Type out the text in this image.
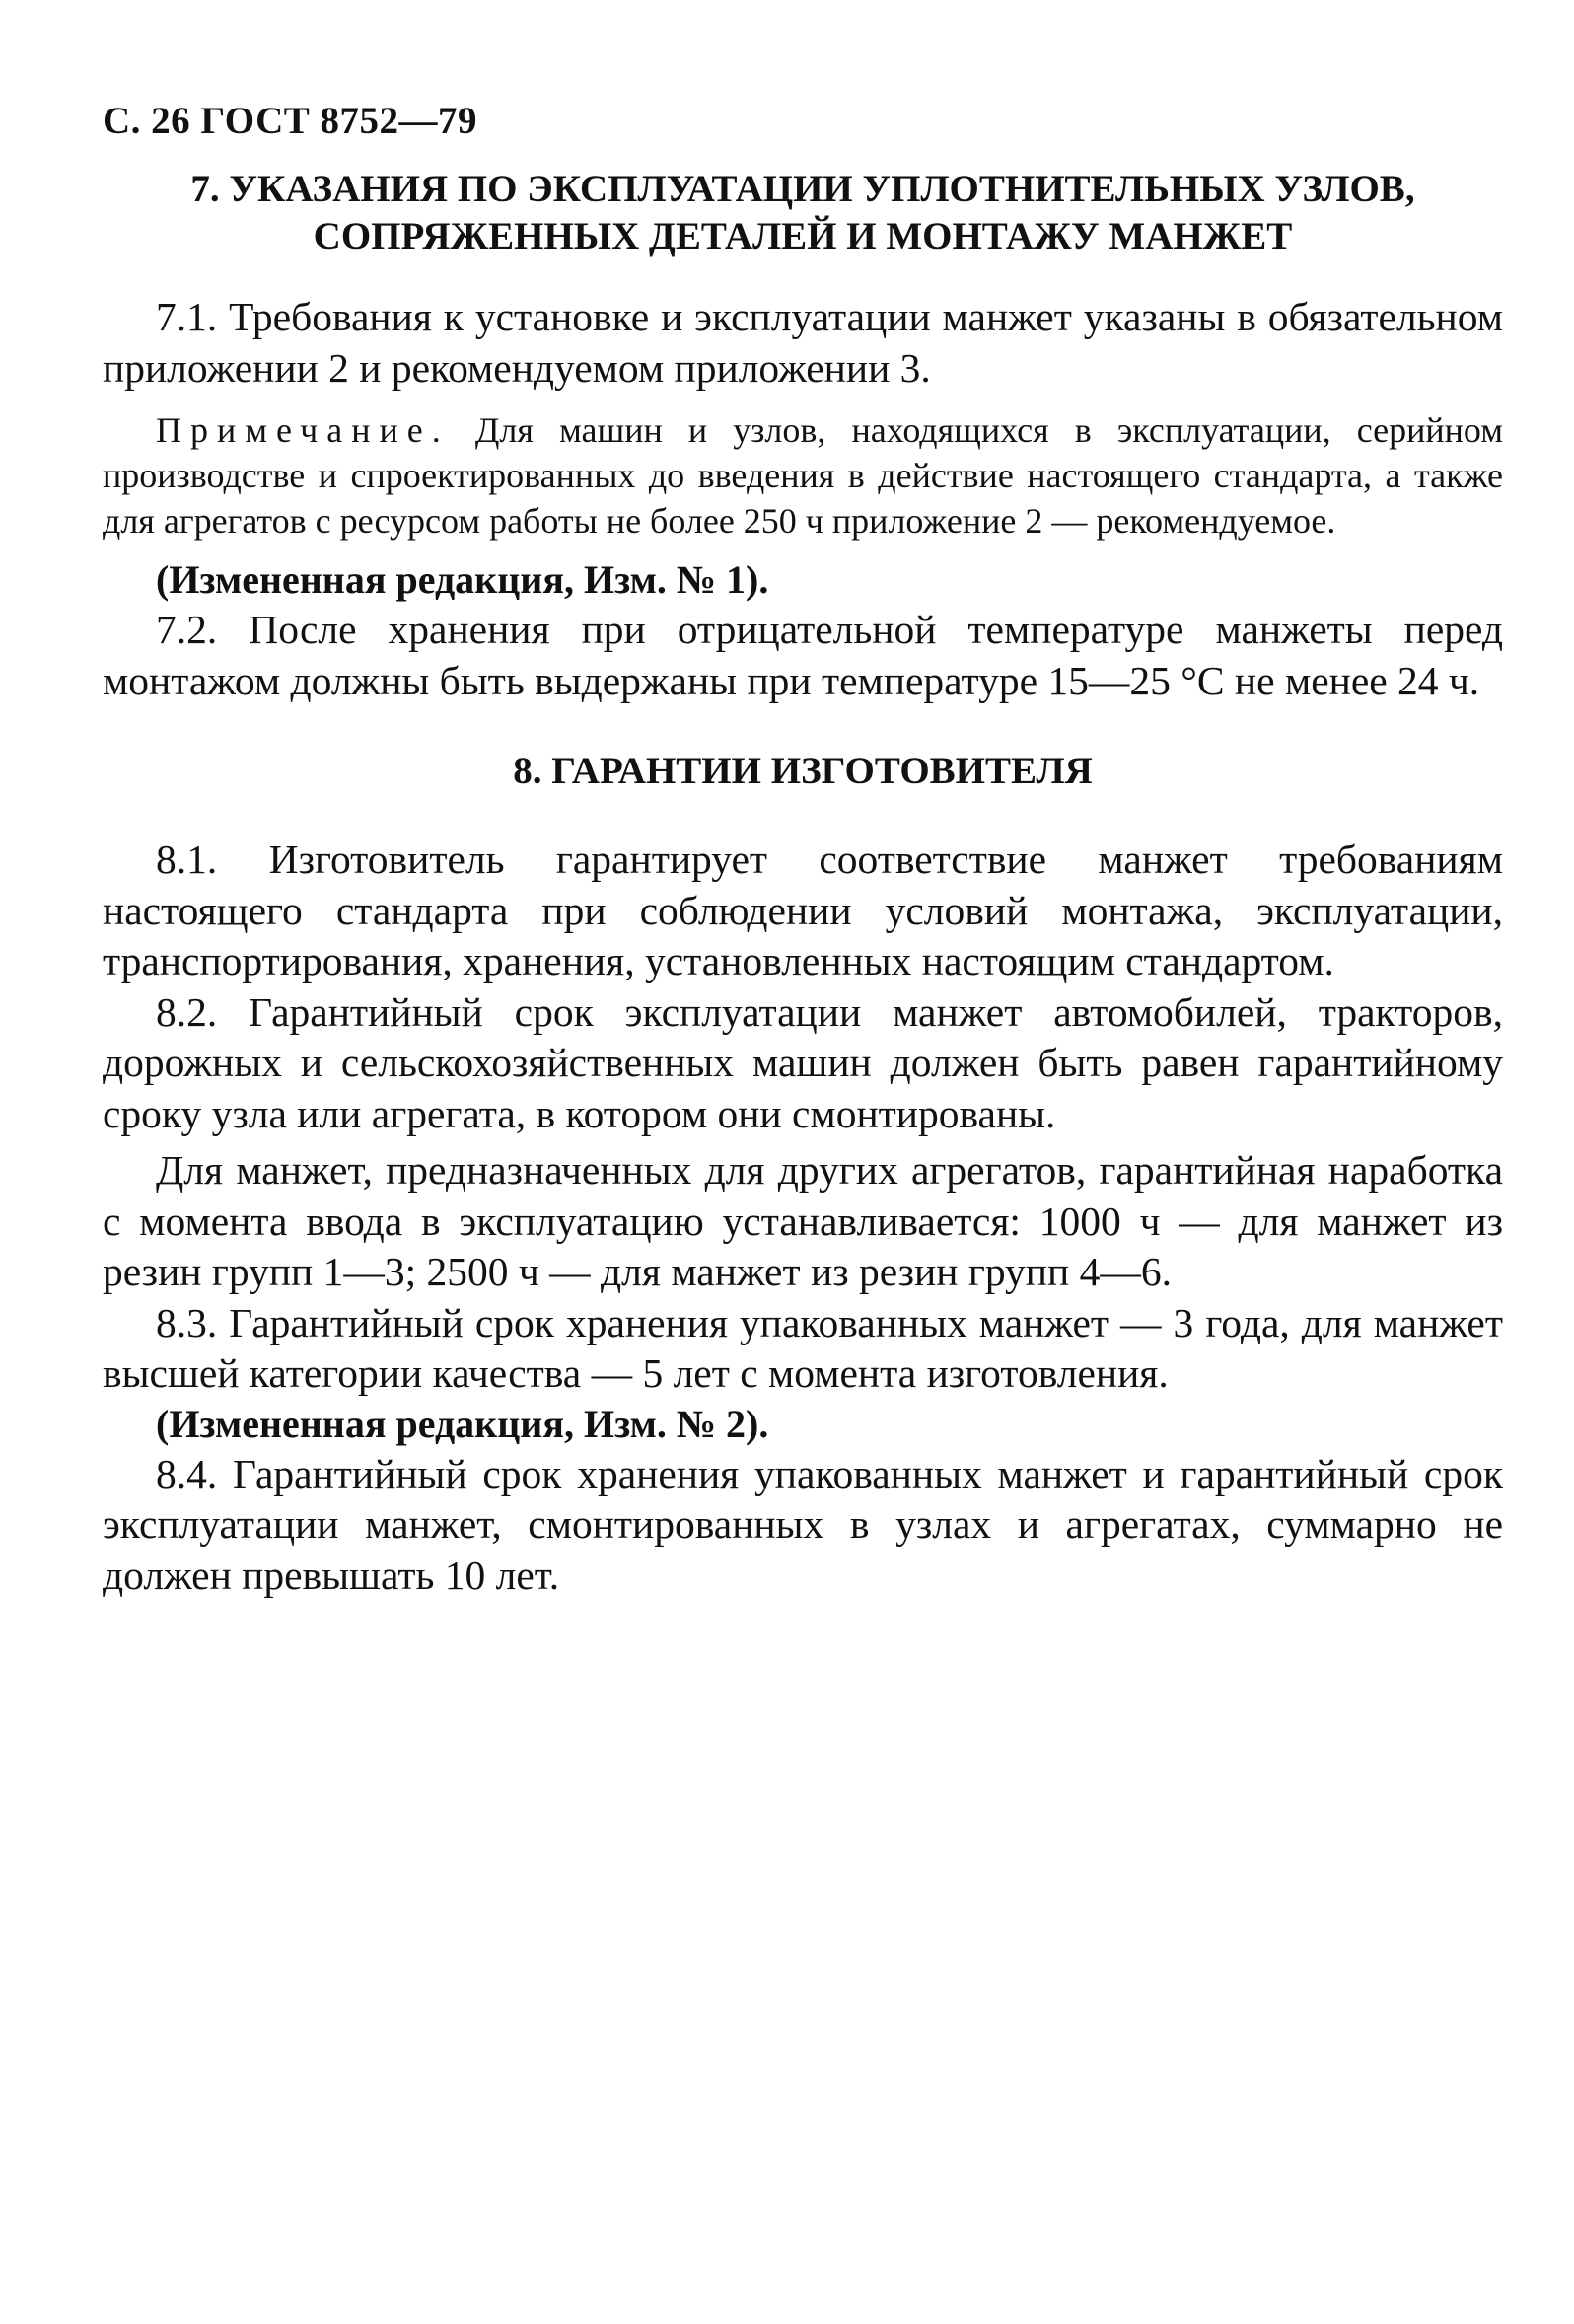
С. 26 ГОСТ 8752—79
7. УКАЗАНИЯ ПО ЭКСПЛУАТАЦИИ УПЛОТНИТЕЛЬНЫХ УЗЛОВ,
СОПРЯЖЕННЫХ ДЕТАЛЕЙ И МОНТАЖУ МАНЖЕТ

7.1. Требования к установке и эксплуатации манжет указаны в обязательном приложении 2 и рекомендуемом приложении 3.

Примечание. Для машин и узлов, находящихся в эксплуатации, серийном производстве и спроектированных до введения в действие настоящего стандарта, а также для агрегатов с ресурсом работы не более 250 ч приложение 2 — рекомендуемое.

(Измененная редакция, Изм. № 1).

7.2. После хранения при отрицательной температуре манжеты перед монтажом должны быть выдержаны при температуре 15—25 °С не менее 24 ч.

8. ГАРАНТИИ ИЗГОТОВИТЕЛЯ

8.1. Изготовитель гарантирует соответствие манжет требованиям настоящего стандарта при соблюдении условий монтажа, эксплуатации, транспортирования, хранения, установленных настоящим стандартом.

8.2. Гарантийный срок эксплуатации манжет автомобилей, тракторов, дорожных и сельскохозяйственных машин должен быть равен гарантийному сроку узла или агрегата, в котором они смонтированы.

Для манжет, предназначенных для других агрегатов, гарантийная наработка с момента ввода в эксплуатацию устанавливается: 1000 ч — для манжет из резин групп 1—3; 2500 ч — для манжет из резин групп 4—6.

8.3. Гарантийный срок хранения упакованных манжет — 3 года, для манжет высшей категории качества — 5 лет с момента изготовления.

(Измененная редакция, Изм. № 2).

8.4. Гарантийный срок хранения упакованных манжет и гарантийный срок эксплуатации манжет, смонтированных в узлах и агрегатах, суммарно не должен превышать 10 лет.
